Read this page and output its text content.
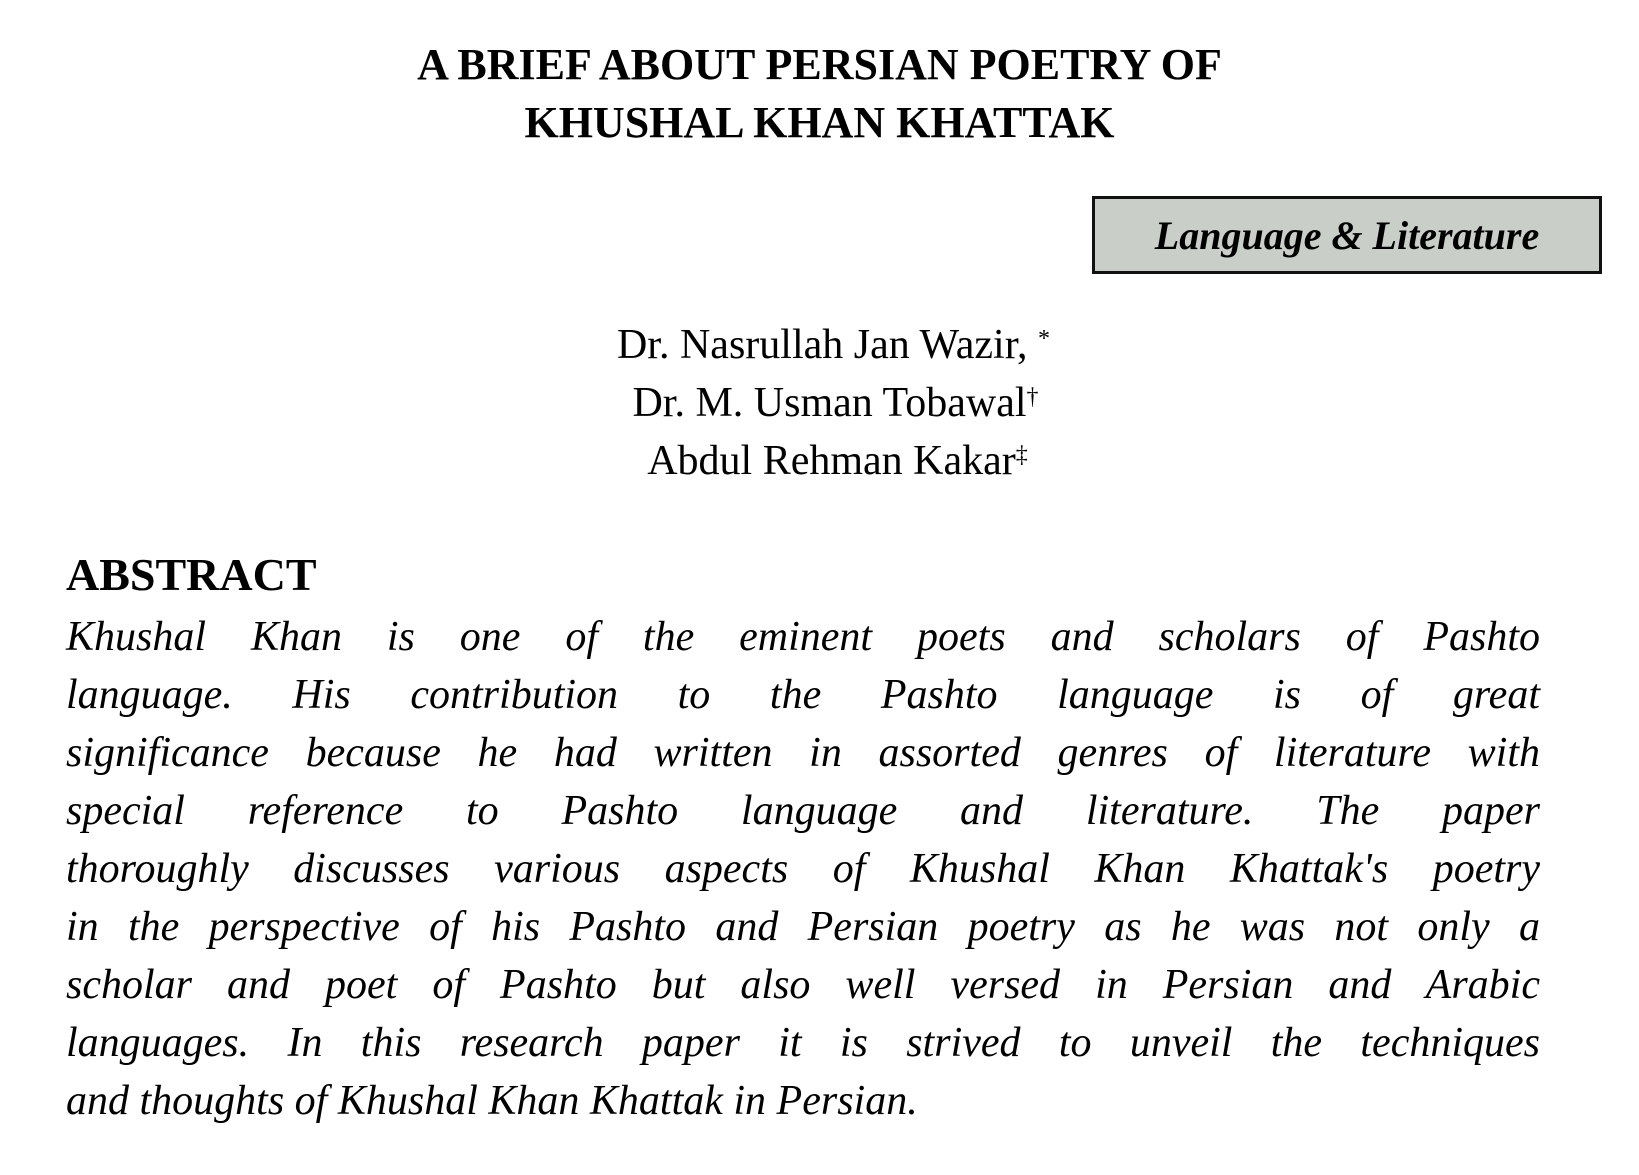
A BRIEF ABOUT PERSIAN POETRY OF
KHUSHAL KHAN KHATTAK
Language & Literature
Dr. Nasrullah Jan Wazir, *
Dr. M. Usman Tobawal†
Abdul Rehman Kakar‡
ABSTRACT
Khushal Khan is one of the eminent poets and scholars of Pashto
language. His contribution to the Pashto language is of great
significance because he had written in assorted genres of literature with
special reference to Pashto language and literature. The paper
thoroughly discusses various aspects of Khushal Khan Khattak's poetry
in the perspective of his Pashto and Persian poetry as he was not only a
scholar and poet of Pashto but also well versed in Persian and Arabic
languages. In this research paper it is strived to unveil the techniques
and thoughts of Khushal Khan Khattak in Persian.
